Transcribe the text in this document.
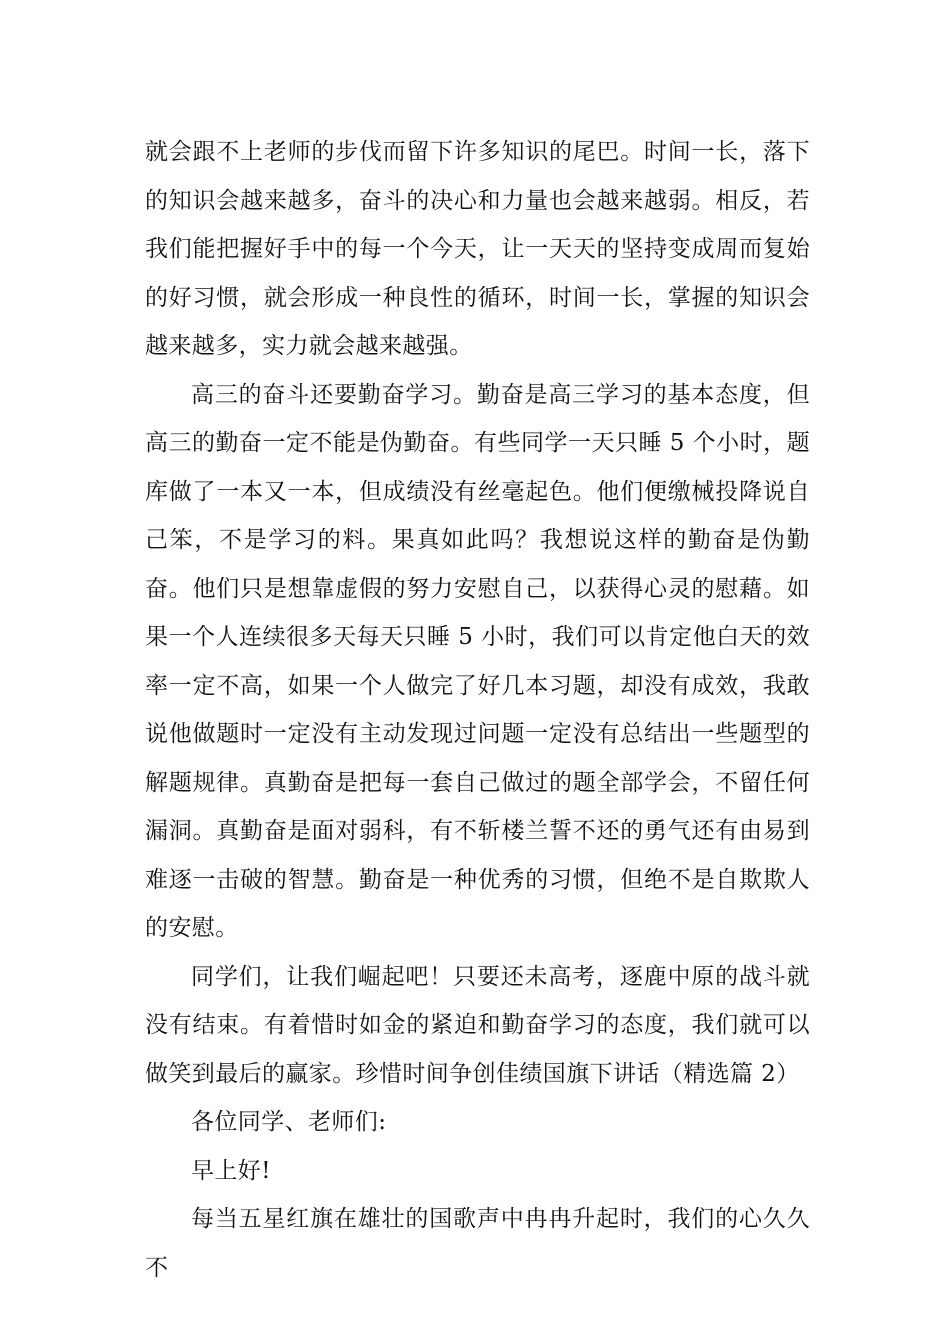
就会跟不上老师的步伐而留下许多知识的尾巴。时间一长，落下的知识会越来越多，奋斗的决心和力量也会越来越弱。相反，若我们能把握好手中的每一个今天，让一天天的坚持变成周而复始的好习惯，就会形成一种良性的循环，时间一长，掌握的知识会越来越多，实力就会越来越强。

高三的奋斗还要勤奋学习。勤奋是高三学习的基本态度，但高三的勤奋一定不能是伪勤奋。有些同学一天只睡 5 个小时，题库做了一本又一本，但成绩没有丝毫起色。他们便缴械投降说自己笨，不是学习的料。果真如此吗？我想说这样的勤奋是伪勤奋。他们只是想靠虚假的努力安慰自己，以获得心灵的慰藉。如果一个人连续很多天每天只睡 5 小时，我们可以肯定他白天的效率一定不高，如果一个人做完了好几本习题，却没有成效，我敢说他做题时一定没有主动发现过问题一定没有总结出一些题型的解题规律。真勤奋是把每一套自己做过的题全部学会，不留任何漏洞。真勤奋是面对弱科，有不斩楼兰誓不还的勇气还有由易到难逐一击破的智慧。勤奋是一种优秀的习惯，但绝不是自欺欺人的安慰。

同学们，让我们崛起吧！只要还未高考，逐鹿中原的战斗就没有结束。有着惜时如金的紧迫和勤奋学习的态度，我们就可以做笑到最后的赢家。珍惜时间争创佳绩国旗下讲话（精选篇 2）

各位同学、老师们:

早上好!

每当五星红旗在雄壮的国歌声中冉冉升起时，我们的心久久不
